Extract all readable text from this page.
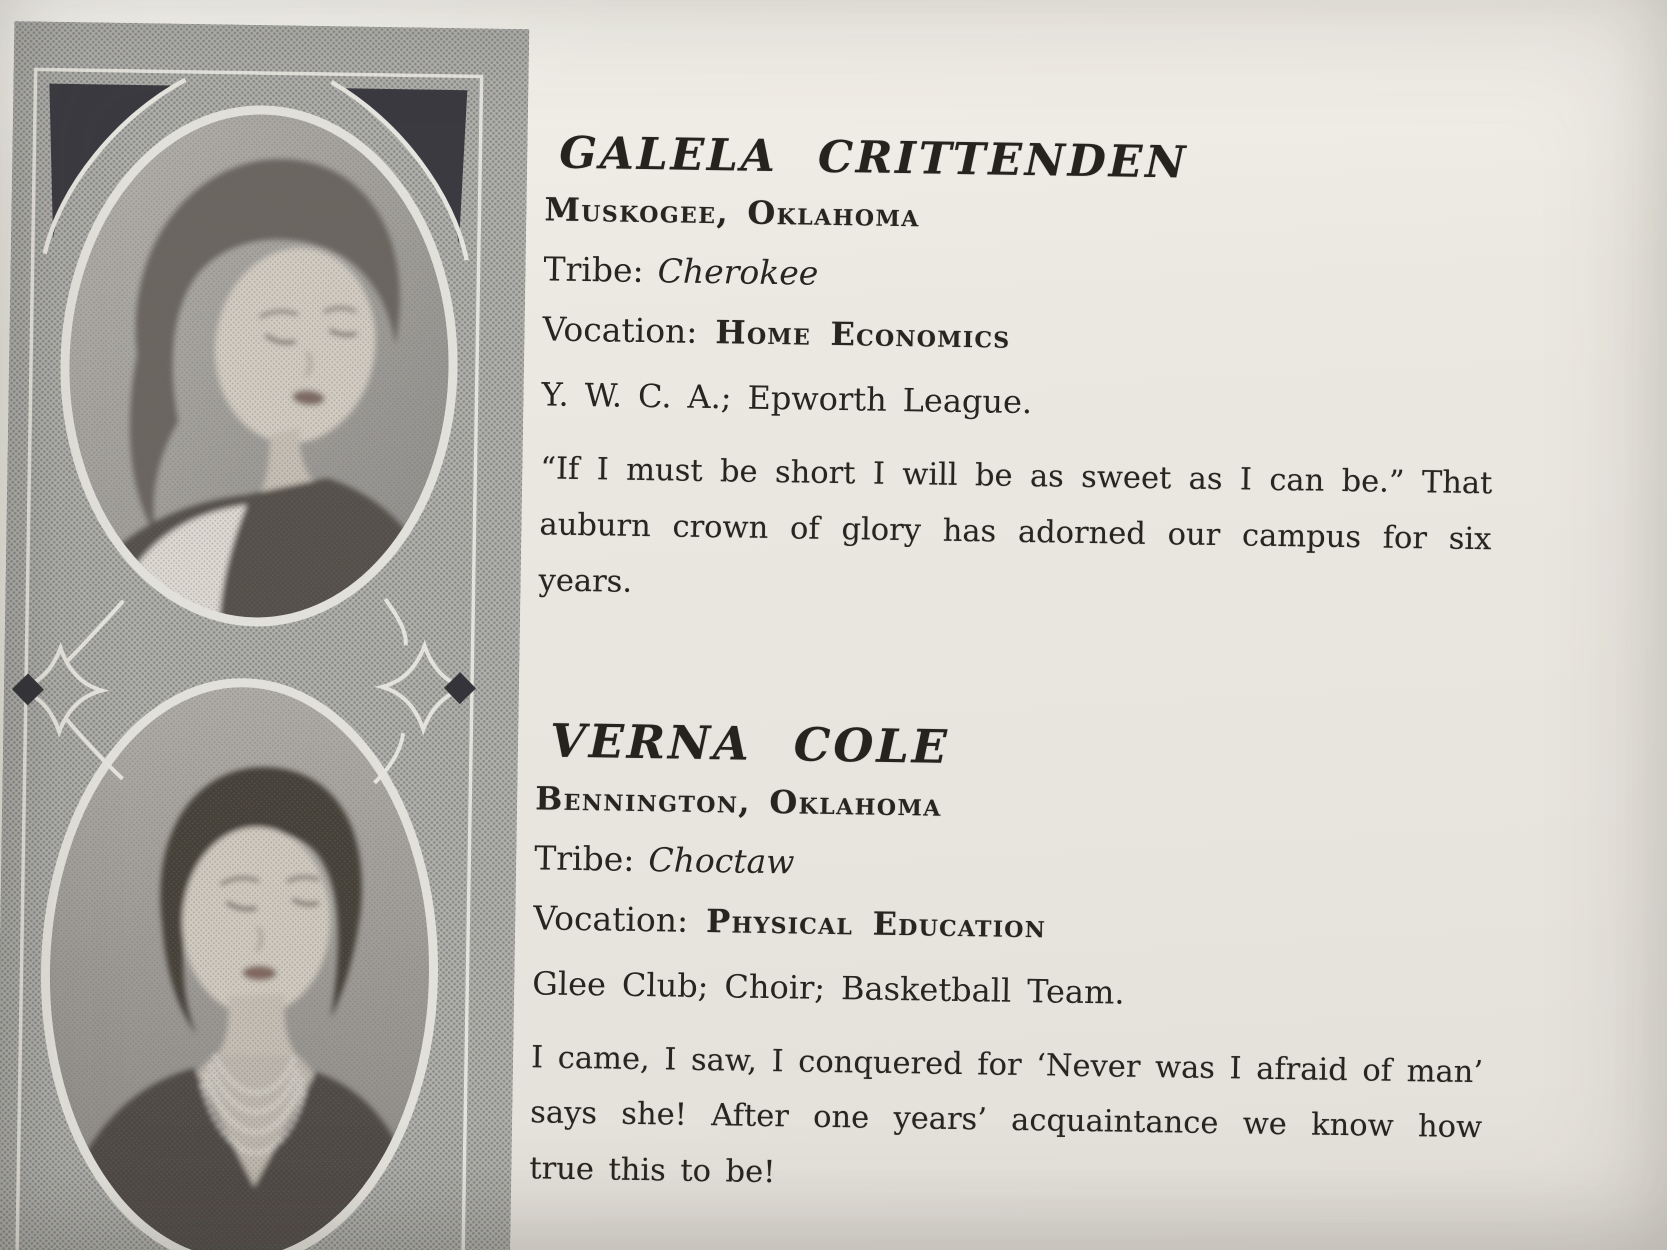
GALELA CRITTENDEN
Muskogee, Oklahoma
Tribe: Cherokee
Vocation: Home Economics
Y. W. C. A.; Epworth League.

“If I must be short I will be as sweet as I can be.” That auburn crown of glory has adorned our campus for six years.

VERNA COLE
Bennington, Oklahoma
Tribe: Choctaw
Vocation: Physical Education
Glee Club; Choir; Basketball Team.

I came, I saw, I conquered for ‘Never was I afraid of man’ says she! After one years’ acquaintance we know how true this to be!
